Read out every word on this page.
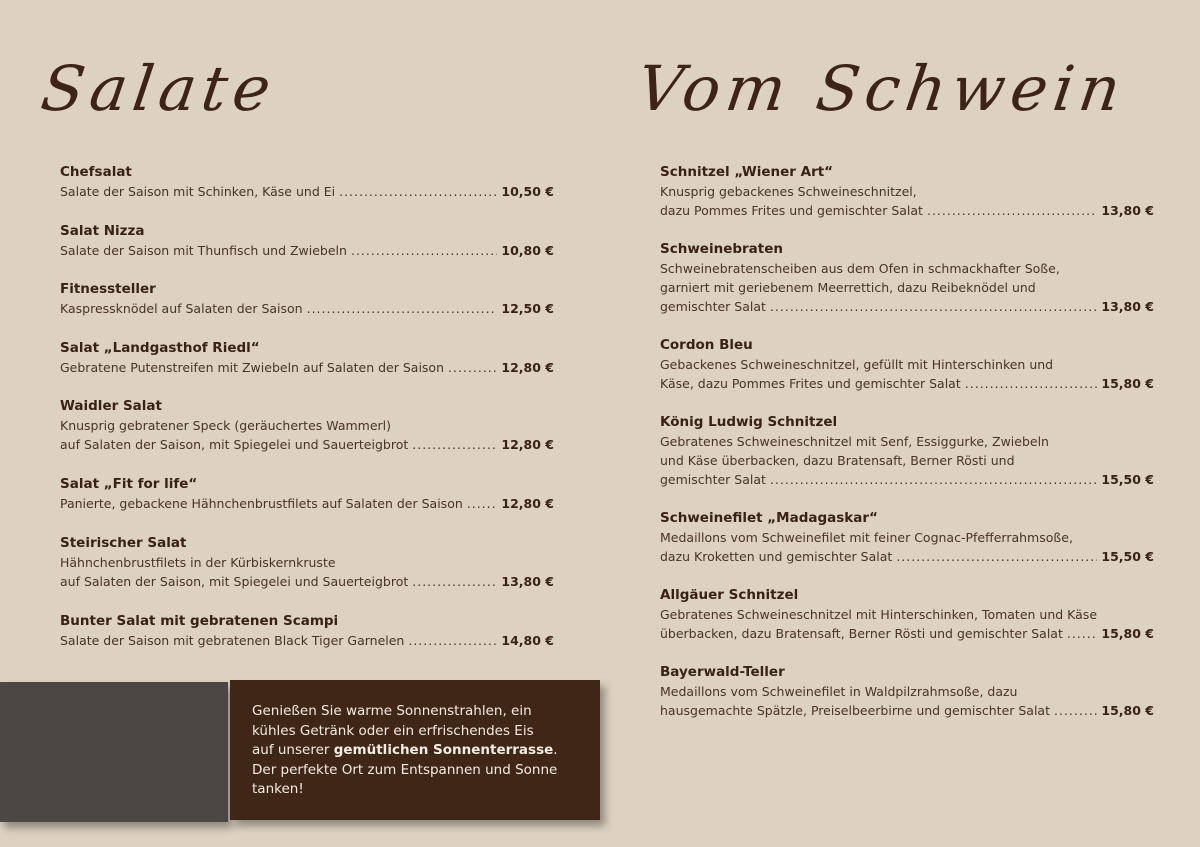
Salate	Vom Schwein
Chefsalat
Salate der Saison mit Schinken, Käse und Ei .....	10,50 €
Salat Nizza
Salate der Saison mit Thunfisch und Zwiebeln .....	10,80 €
Fitnessteller
Kaspressknödel auf Salaten der Saison .....	12,50 €
Salat „Landgasthof Riedl“
Gebratene Putenstreifen mit Zwiebeln auf Salaten der Saison .....	12,80 €
Waidler Salat
Knusprig gebratener Speck (geräuchertes Wammerl)
auf Salaten der Saison, mit Spiegelei und Sauerteigbrot .....	12,80 €
Salat „Fit for life“
Panierte, gebackene Hähnchenbrustfilets auf Salaten der Saison .....	12,80 €
Steirischer Salat
Hähnchenbrustfilets in der Kürbiskernkruste
auf Salaten der Saison, mit Spiegelei und Sauerteigbrot .....	13,80 €
Bunter Salat mit gebratenen Scampi
Salate der Saison mit gebratenen Black Tiger Garnelen .....	14,80 €
Schnitzel „Wiener Art“
Knusprig gebackenes Schweineschnitzel,
dazu Pommes Frites und gemischter Salat .....	13,80 €
Schweinebraten
Schweinebratenscheiben aus dem Ofen in schmackhafter Soße,
garniert mit geriebenem Meerrettich, dazu Reibeknödel und
gemischter Salat .....	13,80 €
Cordon Bleu
Gebackenes Schweineschnitzel, gefüllt mit Hinterschinken und
Käse, dazu Pommes Frites und gemischter Salat .....	15,80 €
König Ludwig Schnitzel
Gebratenes Schweineschnitzel mit Senf, Essiggurke, Zwiebeln
und Käse überbacken, dazu Bratensaft, Berner Rösti und
gemischter Salat .....	15,50 €
Schweinefilet „Madagaskar“
Medaillons vom Schweinefilet mit feiner Cognac-Pfefferrahmsoße,
dazu Kroketten und gemischter Salat .....	15,50 €
Allgäuer Schnitzel
Gebratenes Schweineschnitzel mit Hinterschinken, Tomaten und Käse
überbacken, dazu Bratensaft, Berner Rösti und gemischter Salat .....	15,80 €
Bayerwald-Teller
Medaillons vom Schweinefilet in Waldpilzrahmsoße, dazu
hausgemachte Spätzle, Preiselbeerbirne und gemischter Salat .....	15,80 €
Genießen Sie warme Sonnenstrahlen, ein
kühles Getränk oder ein erfrischendes Eis
auf unserer gemütlichen Sonnenterrasse.
Der perfekte Ort zum Entspannen und Sonne
tanken!
